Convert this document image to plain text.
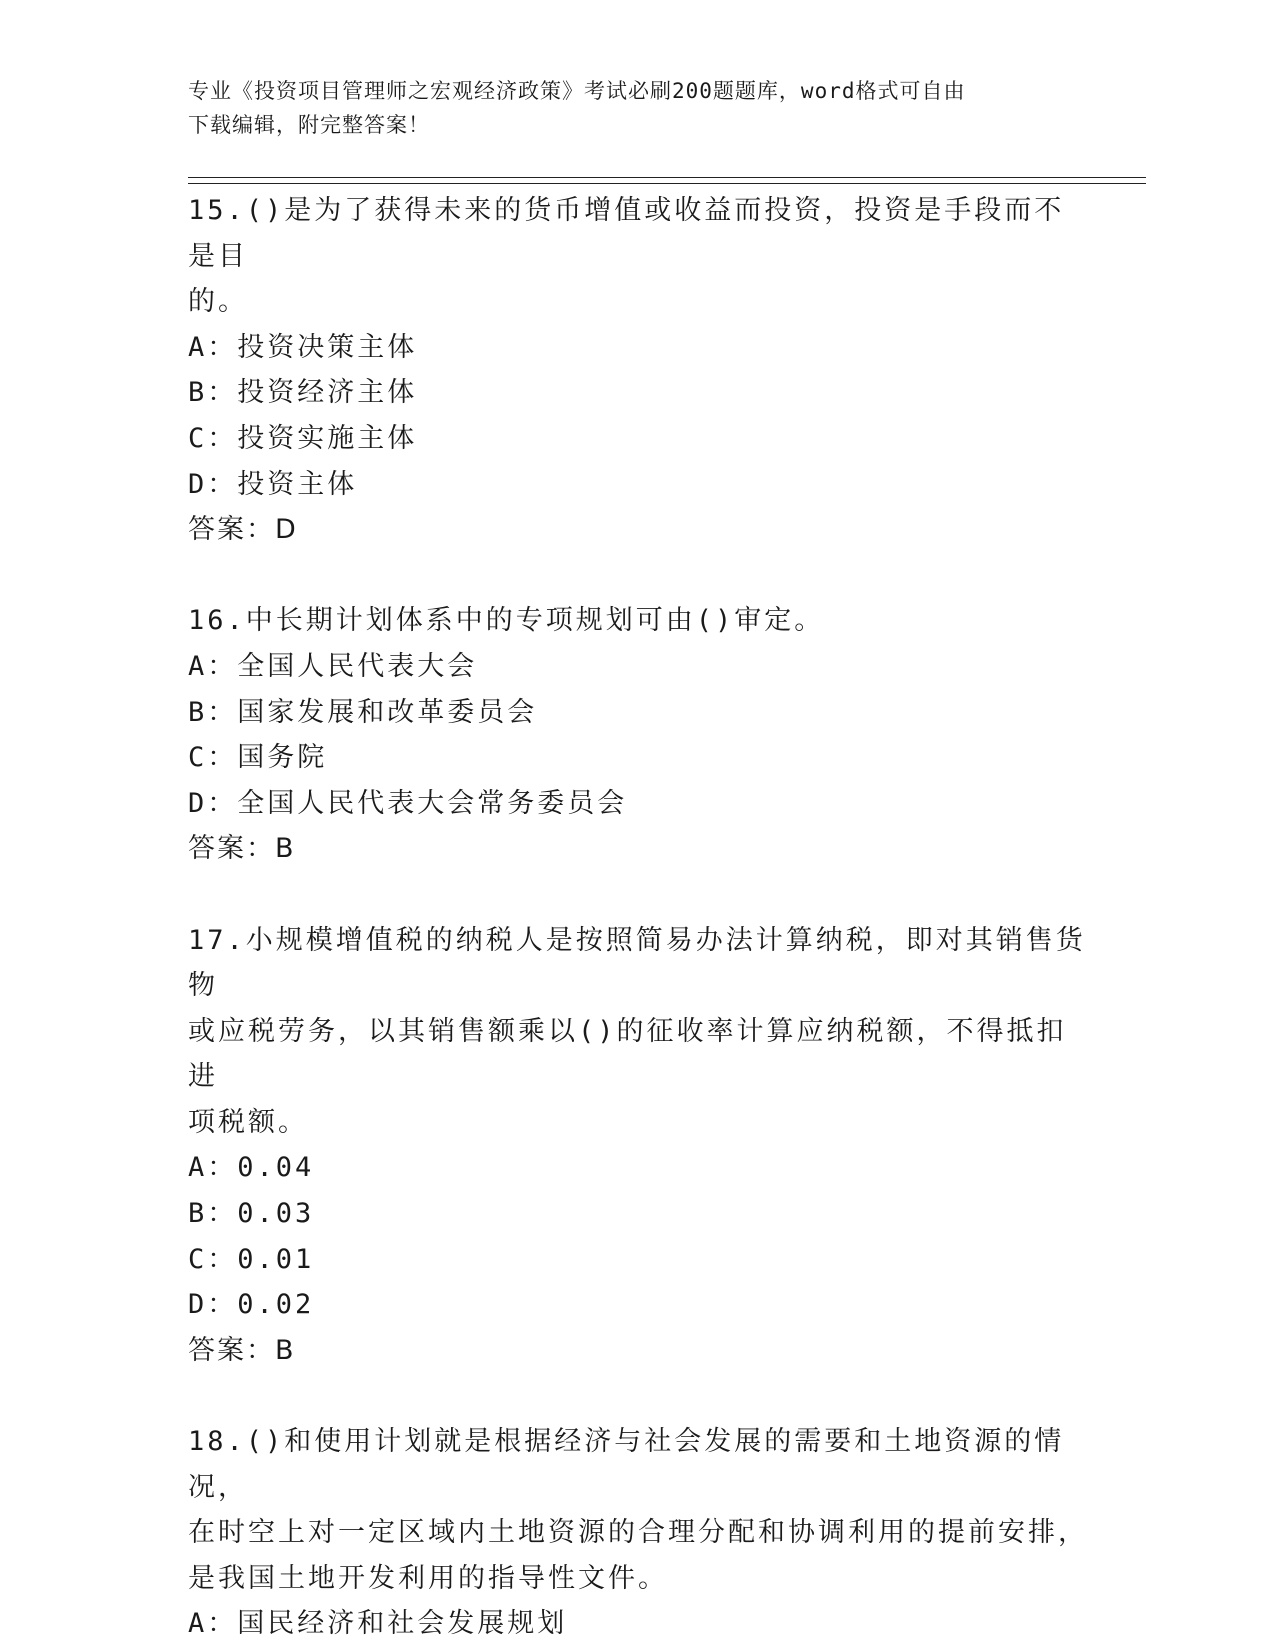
专业《投资项目管理师之宏观经济政策》考试必刷200题题库，word格式可自由
下载编辑，附完整答案！

15.()是为了获得未来的货币增值或收益而投资，投资是手段而不是目

的。

A：投资决策主体

B：投资经济主体

C：投资实施主体

D：投资主体

答案：D

16.中长期计划体系中的专项规划可由()审定。

A：全国人民代表大会

B：国家发展和改革委员会

C：国务院

D：全国人民代表大会常务委员会

答案：B

17.小规模增值税的纳税人是按照简易办法计算纳税，即对其销售货物

或应税劳务，以其销售额乘以()的征收率计算应纳税额，不得抵扣进

项税额。

A：0.04

B：0.03

C：0.01

D：0.02

答案：B

18.()和使用计划就是根据经济与社会发展的需要和土地资源的情况，

在时空上对一定区域内土地资源的合理分配和协调利用的提前安排，

是我国土地开发利用的指导性文件。

A：国民经济和社会发展规划
